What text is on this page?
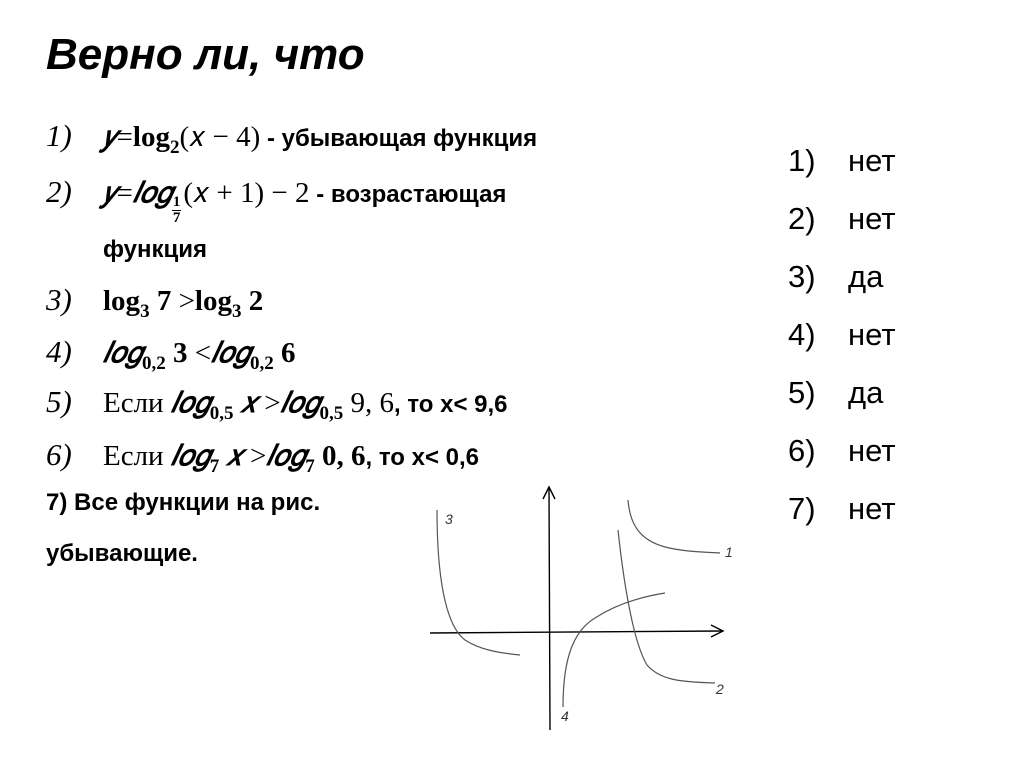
Верно ли, что
1) $𝑦=\log_2(𝑥 - 4)$ - убывающая функция
2) 𝑦=𝑙𝑜𝑔
$\frac{1}{7}$
(𝑥 + 1) − 2 - возрастающая
функция
3) $\log_3 7 >\log_3$ 2
4) 𝑙𝑜𝑔$_{0,2}$ 3 <𝑙𝑜𝑔$_{0,2}$ 6
5) Если 𝑙𝑜𝑔$_{0,5}$ 𝑥 >𝑙𝑜𝑔$_{0,5}$ 9, 6, то x< 9,6
6) Если 𝑙𝑜𝑔$_7$ 𝑥 >𝑙𝑜𝑔$_7$ 0, 6, то x< 0,6
7) Все функции на рис.
убывающие.
1) нет
2) нет
3) да
4) нет
5) да
6) нет
7) нет
3
1
2
4
